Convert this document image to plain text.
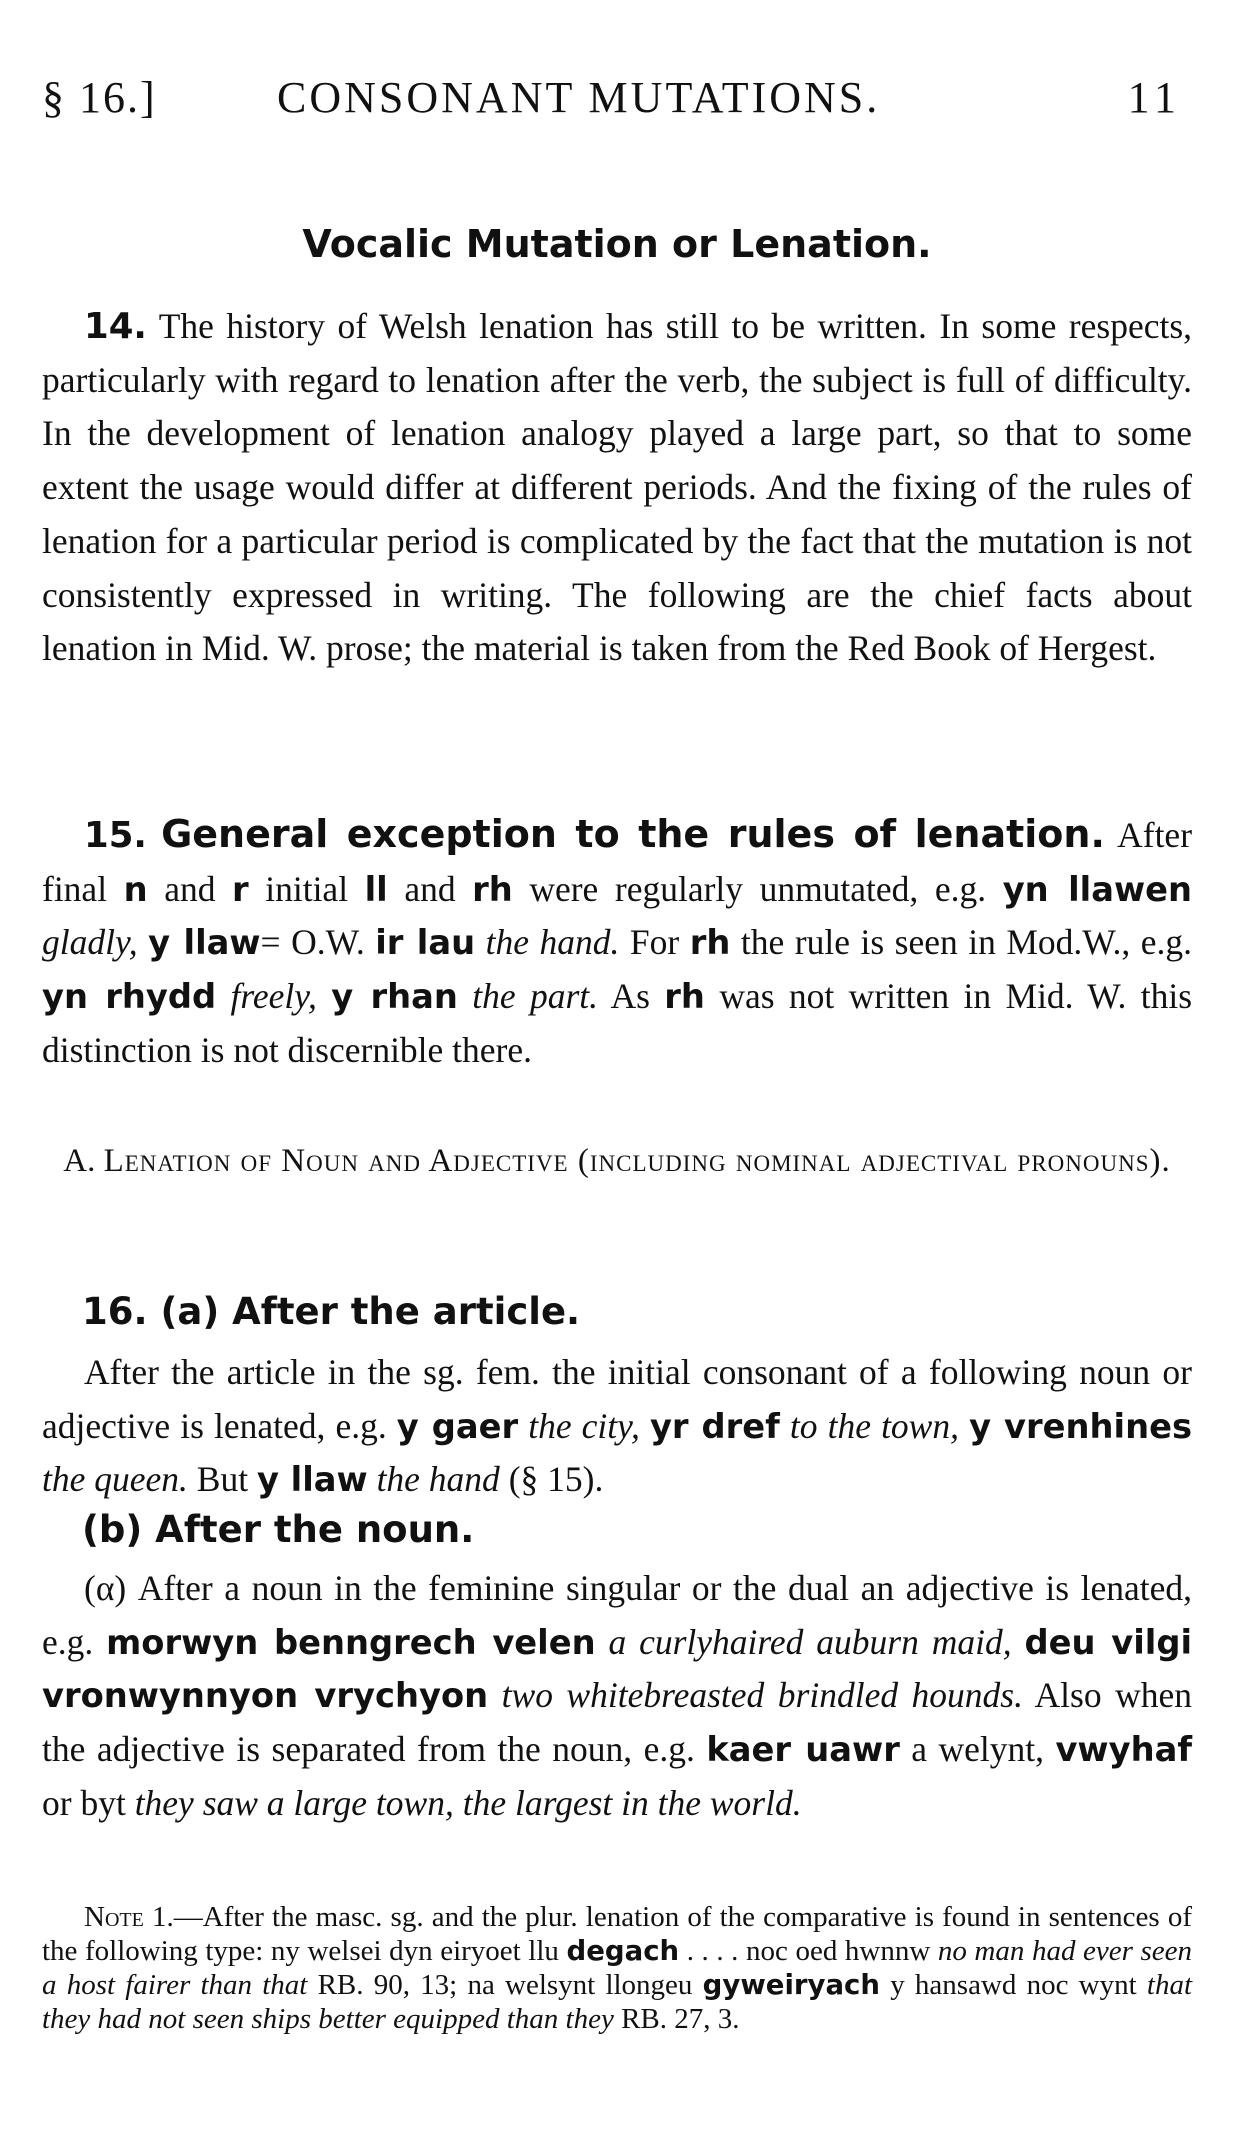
§ 16.]	CONSONANT MUTATIONS.	11
Vocalic Mutation or Lenation.
14. The history of Welsh lenation has still to be written. In some respects, particularly with regard to lenation after the verb, the subject is full of difficulty. In the development of lenation analogy played a large part, so that to some extent the usage would differ at different periods. And the fixing of the rules of lenation for a particular period is complicated by the fact that the mutation is not consistently expressed in writing. The following are the chief facts about lenation in Mid. W. prose; the material is taken from the Red Book of Hergest.
15. General exception to the rules of lenation. After final n and r initial ll and rh were regularly unmutated, e.g. yn llawen gladly, y llaw= O.W. ir lau the hand. For rh the rule is seen in Mod.W., e.g. yn rhydd freely, y rhan the part. As rh was not written in Mid. W. this distinction is not discernible there.
A. Lenation of Noun and Adjective (including nominal adjectival pronouns).
16. (a) After the article.
After the article in the sg. fem. the initial consonant of a following noun or adjective is lenated, e.g. y gaer the city, yr dref to the town, y vrenhines the queen. But y llaw the hand (§ 15).
(b) After the noun.
(α) After a noun in the feminine singular or the dual an adjective is lenated, e.g. morwyn benngrech velen a curlyhaired auburn maid, deu vilgi vronwynnyon vrychyon two whitebreasted brindled hounds. Also when the adjective is separated from the noun, e.g. kaer uawr a welynt, vwyhaf or byt they saw a large town, the largest in the world.
Note 1.—After the masc. sg. and the plur. lenation of the comparative is found in sentences of the following type: ny welsei dyn eiryoet llu degach . . . . noc oed hwnnw no man had ever seen a host fairer than that RB. 90, 13; na welsynt llongeu gyweiryach y hansawd noc wynt that they had not seen ships better equipped than they RB. 27, 3.
